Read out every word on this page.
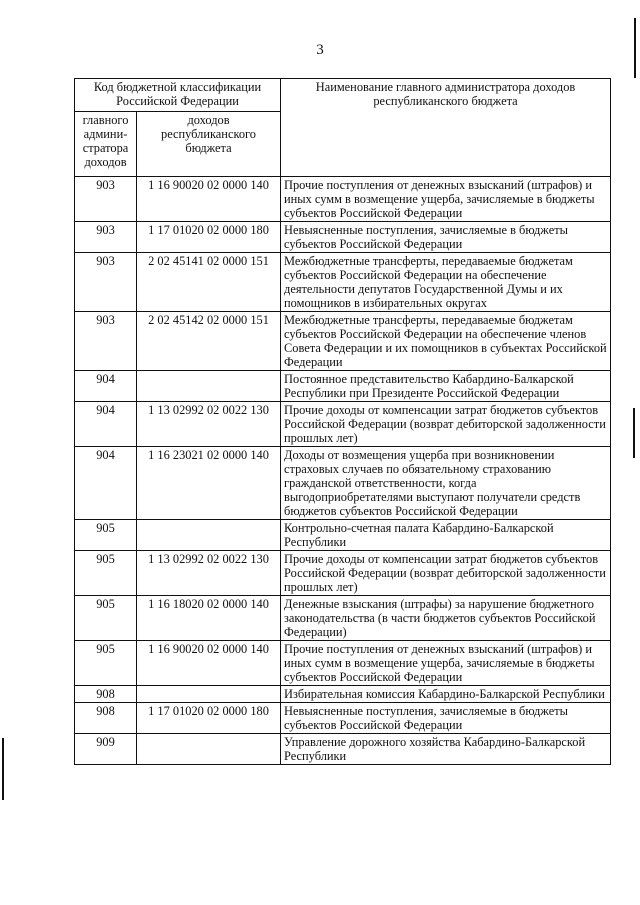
3
Код бюджетной классификации Российской Федерации		Наименование главного администратора доходов республиканского бюджета
главного админи-стратора доходов	доходов республиканского бюджета	
903	1 16 90020 02 0000 140	Прочие поступления от денежных взысканий (штрафов) и иных сумм в возмещение ущерба, зачисляемые в бюджеты субъектов Российской Федерации
903	1 17 01020 02 0000 180	Невыясненные поступления, зачисляемые в бюджеты субъектов Российской Федерации
903	2 02 45141 02 0000 151	Межбюджетные трансферты, передаваемые бюджетам субъектов Российской Федерации на обеспечение деятельности депутатов Государственной Думы и их помощников в избирательных округах
903	2 02 45142 02 0000 151	Межбюджетные трансферты, передаваемые бюджетам субъектов Российской Федерации на обеспечение членов Совета Федерации и их помощников в субъектах Российской Федерации
904		Постоянное представительство Кабардино-Балкарской Республики при Президенте Российской Федерации
904	1 13 02992 02 0022 130	Прочие доходы от компенсации затрат бюджетов субъектов Российской Федерации (возврат дебиторской задолженности прошлых лет)
904	1 16 23021 02 0000 140	Доходы от возмещения ущерба при возникновении страховых случаев по обязательному страхованию гражданской ответственности, когда выгодоприобретателями выступают получатели средств бюджетов субъектов Российской Федерации
905		Контрольно-счетная палата Кабардино-Балкарской Республики
905	1 13 02992 02 0022 130	Прочие доходы от компенсации затрат бюджетов субъектов Российской Федерации (возврат дебиторской задолженности прошлых лет)
905	1 16 18020 02 0000 140	Денежные взыскания (штрафы) за нарушение бюджетного законодательства (в части бюджетов субъектов Российской Федерации)
905	1 16 90020 02 0000 140	Прочие поступления от денежных взысканий (штрафов) и иных сумм в возмещение ущерба, зачисляемые в бюджеты субъектов Российской Федерации
908		Избирательная комиссия Кабардино-Балкарской Республики
908	1 17 01020 02 0000 180	Невыясненные поступления, зачисляемые в бюджеты субъектов Российской Федерации
909		Управление дорожного хозяйства Кабардино-Балкарской Республики
